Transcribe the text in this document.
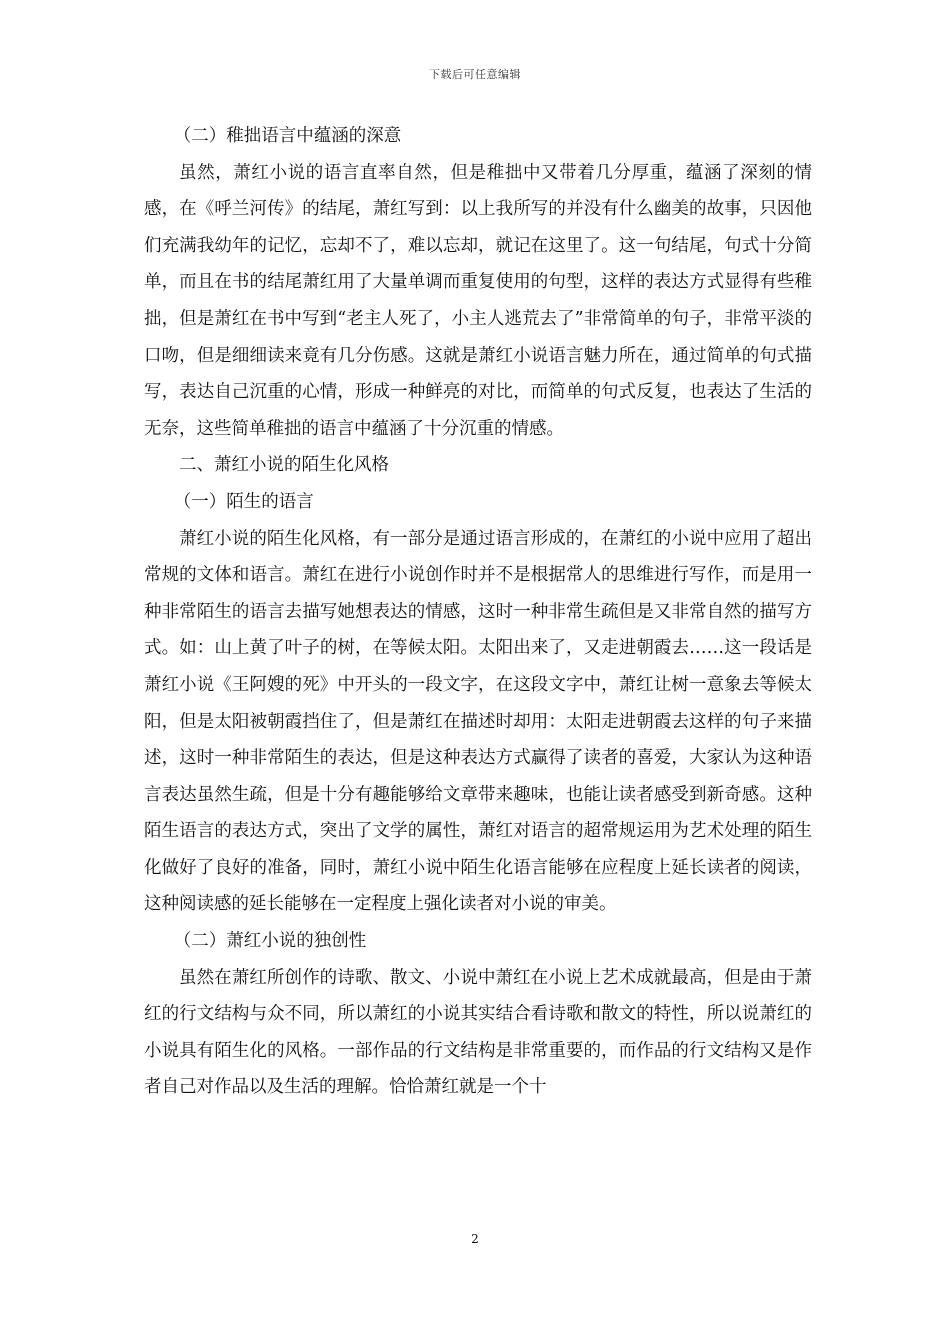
下载后可任意编辑

（二）稚拙语言中蕴涵的深意

虽然，萧红小说的语言直率自然，但是稚拙中又带着几分厚重，蕴涵了深刻的情感，在《呼兰河传》的结尾，萧红写到：以上我所写的并没有什么幽美的故事，只因他们充满我幼年的记忆，忘却不了，难以忘却，就记在这里了。这一句结尾，句式十分简单，而且在书的结尾萧红用了大量单调而重复使用的句型，这样的表达方式显得有些稚拙，但是萧红在书中写到“老主人死了，小主人逃荒去了”非常简单的句子，非常平淡的口吻，但是细细读来竟有几分伤感。这就是萧红小说语言魅力所在，通过简单的句式描写，表达自己沉重的心情，形成一种鲜亮的对比，而简单的句式反复，也表达了生活的无奈，这些简单稚拙的语言中蕴涵了十分沉重的情感。

二、萧红小说的陌生化风格

（一）陌生的语言

萧红小说的陌生化风格，有一部分是通过语言形成的，在萧红的小说中应用了超出常规的文体和语言。萧红在进行小说创作时并不是根据常人的思维进行写作，而是用一种非常陌生的语言去描写她想表达的情感，这时一种非常生疏但是又非常自然的描写方式。如：山上黄了叶子的树，在等候太阳。太阳出来了，又走进朝霞去……这一段话是萧红小说《王阿嫂的死》中开头的一段文字，在这段文字中，萧红让树一意象去等候太阳，但是太阳被朝霞挡住了，但是萧红在描述时却用：太阳走进朝霞去这样的句子来描述，这时一种非常陌生的表达，但是这种表达方式赢得了读者的喜爱，大家认为这种语言表达虽然生疏，但是十分有趣能够给文章带来趣味，也能让读者感受到新奇感。这种陌生语言的表达方式，突出了文学的属性，萧红对语言的超常规运用为艺术处理的陌生化做好了良好的准备，同时，萧红小说中陌生化语言能够在应程度上延长读者的阅读，这种阅读感的延长能够在一定程度上强化读者对小说的审美。

（二）萧红小说的独创性

虽然在萧红所创作的诗歌、散文、小说中萧红在小说上艺术成就最高，但是由于萧红的行文结构与众不同，所以萧红的小说其实结合看诗歌和散文的特性，所以说萧红的小说具有陌生化的风格。一部作品的行文结构是非常重要的，而作品的行文结构又是作者自己对作品以及生活的理解。恰恰萧红就是一个十

2
